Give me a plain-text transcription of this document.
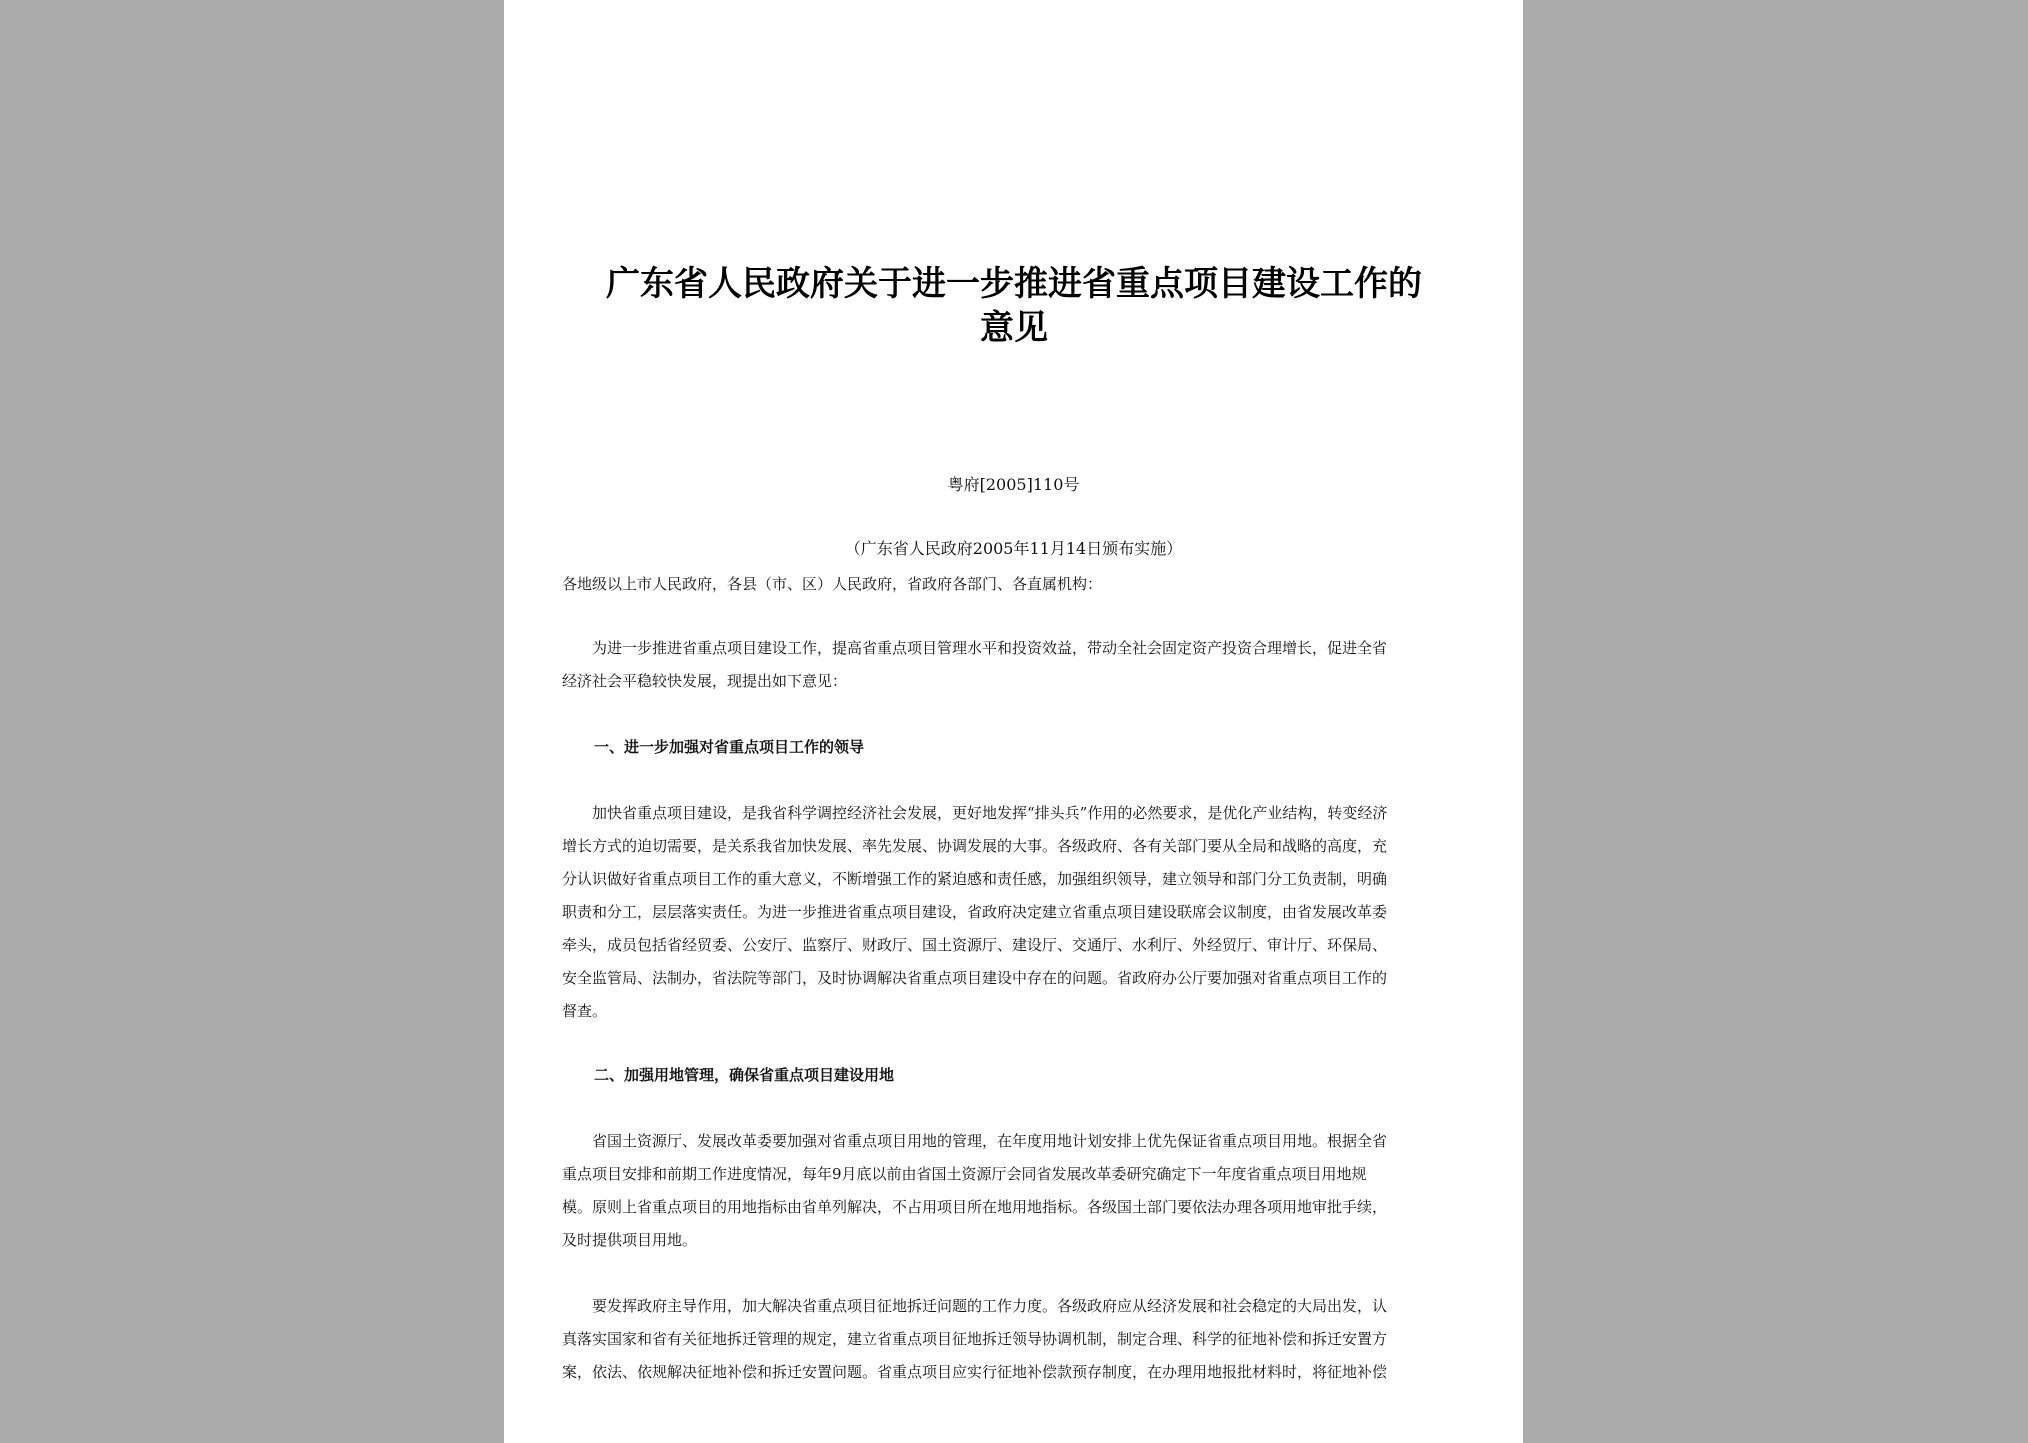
广东省人民政府关于进一步推进省重点项目建设工作的
意见
粤府[2005]110号
（广东省人民政府2005年11月14日颁布实施）
各地级以上市人民政府，各县（市、区）人民政府，省政府各部门、各直属机构：
　　为进一步推进省重点项目建设工作，提高省重点项目管理水平和投资效益，带动全社会固定资产投资合理增长，促进全省
经济社会平稳较快发展，现提出如下意见：
一、进一步加强对省重点项目工作的领导
　　加快省重点项目建设，是我省科学调控经济社会发展，更好地发挥“排头兵”作用的必然要求，是优化产业结构，转变经济
增长方式的迫切需要，是关系我省加快发展、率先发展、协调发展的大事。各级政府、各有关部门要从全局和战略的高度，充
分认识做好省重点项目工作的重大意义，不断增强工作的紧迫感和责任感，加强组织领导，建立领导和部门分工负责制，明确
职责和分工，层层落实责任。为进一步推进省重点项目建设，省政府决定建立省重点项目建设联席会议制度，由省发展改革委
牵头，成员包括省经贸委、公安厅、监察厅、财政厅、国土资源厅、建设厅、交通厅、水利厅、外经贸厅、审计厅、环保局、
安全监管局、法制办，省法院等部门，及时协调解决省重点项目建设中存在的问题。省政府办公厅要加强对省重点项目工作的
督查。
二、加强用地管理，确保省重点项目建设用地
　　省国土资源厅、发展改革委要加强对省重点项目用地的管理，在年度用地计划安排上优先保证省重点项目用地。根据全省
重点项目安排和前期工作进度情况，每年9月底以前由省国土资源厅会同省发展改革委研究确定下一年度省重点项目用地规
模。原则上省重点项目的用地指标由省单列解决，不占用项目所在地用地指标。各级国土部门要依法办理各项用地审批手续，
及时提供项目用地。
　　要发挥政府主导作用，加大解决省重点项目征地拆迁问题的工作力度。各级政府应从经济发展和社会稳定的大局出发，认
真落实国家和省有关征地拆迁管理的规定，建立省重点项目征地拆迁领导协调机制，制定合理、科学的征地补偿和拆迁安置方
案，依法、依规解决征地补偿和拆迁安置问题。省重点项目应实行征地补偿款预存制度，在办理用地报批材料时，将征地补偿
